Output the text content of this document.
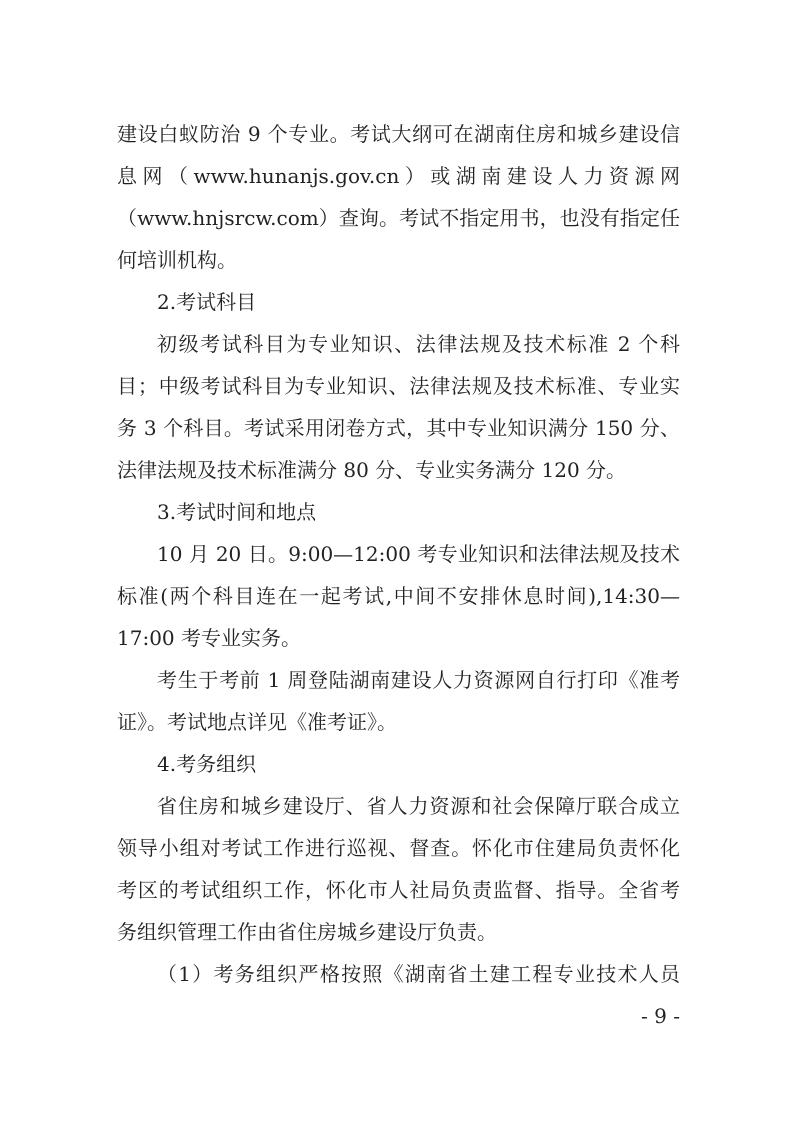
建设白蚁防治 9 个专业。考试大纲可在湖南住房和城乡建设信
息网（www.hunanjs.gov.cn）或湖南建设人力资源网
（www.hnjsrcw.com）查询。考试不指定用书，也没有指定任
何培训机构。
2.考试科目
初级考试科目为专业知识、法律法规及技术标准 2 个科
目；中级考试科目为专业知识、法律法规及技术标准、专业实
务 3 个科目。考试采用闭卷方式，其中专业知识满分 150 分、
法律法规及技术标准满分 80 分、专业实务满分 120 分。
3.考试时间和地点
10 月 20 日。9:00—12:00 考专业知识和法律法规及技术
标准(两个科目连在一起考试,中间不安排休息时间),14:30—
17:00 考专业实务。
考生于考前 1 周登陆湖南建设人力资源网自行打印《准考
证》。考试地点详见《准考证》。
4.考务组织
省住房和城乡建设厅、省人力资源和社会保障厅联合成立
领导小组对考试工作进行巡视、督查。怀化市住建局负责怀化
考区的考试组织工作，怀化市人社局负责监督、指导。全省考
务组织管理工作由省住房城乡建设厅负责。
（1）考务组织严格按照《湖南省土建工程专业技术人员
- 9 -
